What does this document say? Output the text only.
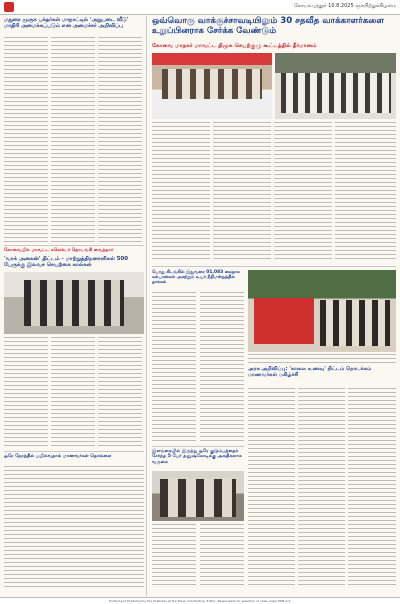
கோயம்புத்தூர் 10.8.2025 ஞாயிற்றுக்கிழமை
மதுரை முருக பக்தர்கள் மாநாட்டில் 'அறுபடை வீடு' மாதிரி அமைக்கப்படும் என அமைச்சர் அறிவிப்பு
ஒவ்வொரு வாக்குச்சாவடியிலும் 30 சதவீத வாக்காளர்களை உறுப்பினராக சேர்க்க வேண்டும்
கோவை மாநகர் மாவட்ட திமுக செயற்குழு கூட்டத்தில் தீர்மானம்
கோவையில் மாவட்ட கலெக்டர் தொடங்கி வைத்தார்
'வாக் அகைன்' திட்டம் - மாற்றுத்திறனாளிகள் 500 பேருக்கு இலவச செயற்கை கால்கள்
பொது கிடங்கில் இதுவரை 01,083 கைதாக கல்பான்கள் அகற்றும் உயர் நீதிமன்றத்தில் தாக்கல்
அரசு அறிவிப்பு: 'காலை உணவு' திட்டம் தொடக்கம் மாணவர்கள் மகிழ்ச்சி
ஒரே நேரத்தில் பயில்வதால் மாணவர்கள் தொல்லை
இலங்கையில் இருந்து ஒரே குடும்பத்தைச் சேர்ந்த 5 பேர் தனுஷ்கோடிக்கு அகதிகளாக வருகை
Printed and Published by the Publisher at the Press, Coimbatore. Editor: Responsible for selection of news under PRB Act.
